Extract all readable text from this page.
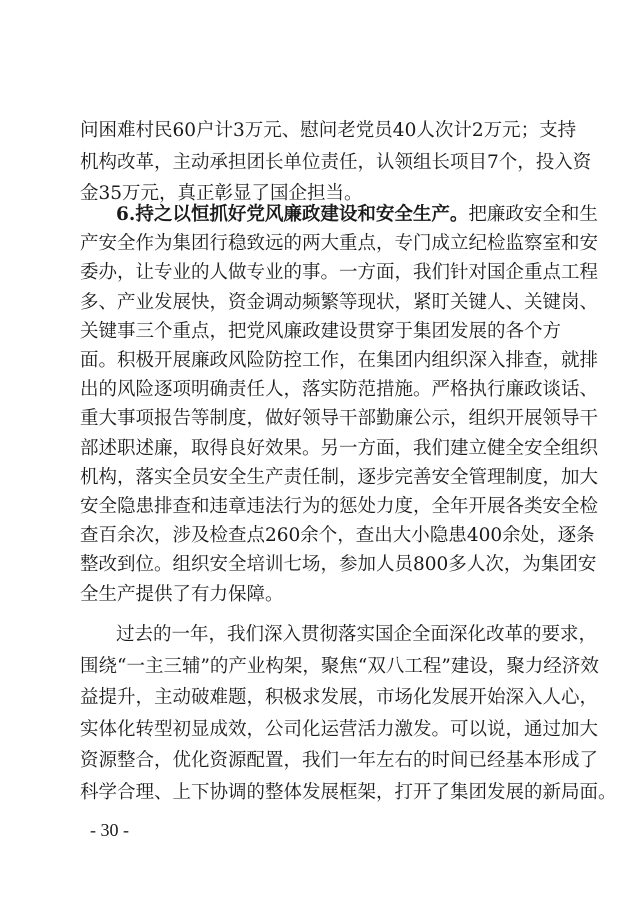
问困难村民60户计3万元、慰问老党员40人次计2万元；支持
机构改革，主动承担团长单位责任，认领组长项目7个，投入资
金35万元，真正彰显了国企担当。
6.持之以恒抓好党风廉政建设和安全生产。把廉政安全和生
产安全作为集团行稳致远的两大重点，专门成立纪检监察室和安
委办，让专业的人做专业的事。一方面，我们针对国企重点工程
多、产业发展快，资金调动频繁等现状，紧盯关键人、关键岗、
关键事三个重点，把党风廉政建设贯穿于集团发展的各个方
面。积极开展廉政风险防控工作，在集团内组织深入排查，就排
出的风险逐项明确责任人，落实防范措施。严格执行廉政谈话、
重大事项报告等制度，做好领导干部勤廉公示，组织开展领导干
部述职述廉，取得良好效果。另一方面，我们建立健全安全组织
机构，落实全员安全生产责任制，逐步完善安全管理制度，加大
安全隐患排查和违章违法行为的惩处力度，全年开展各类安全检
查百余次，涉及检查点260余个，查出大小隐患400余处，逐条
整改到位。组织安全培训七场，参加人员800多人次，为集团安
全生产提供了有力保障。
- 30 -
过去的一年，我们深入贯彻落实国企全面深化改革的要求，
围绕“一主三辅”的产业构架，聚焦“双八工程”建设，聚力经济效
益提升，主动破难题，积极求发展，市场化发展开始深入人心，
实体化转型初显成效，公司化运营活力激发。可以说，通过加大
资源整合，优化资源配置，我们一年左右的时间已经基本形成了
科学合理、上下协调的整体发展框架，打开了集团发展的新局面。
